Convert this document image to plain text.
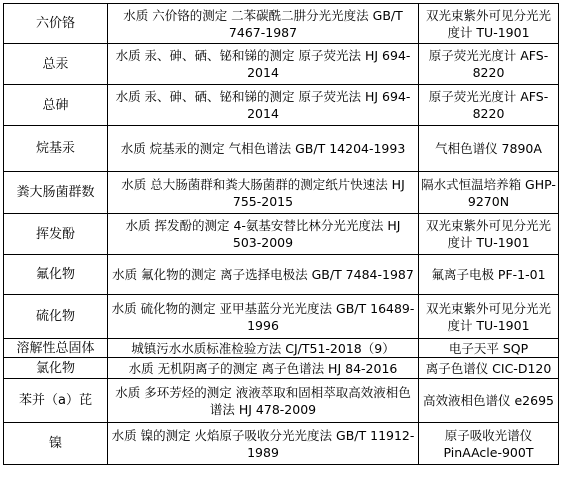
六价铬	水质 六价铬的测定 二苯碳酰二肼分光光度法 GB/T 7467-1987	双光束紫外可见分光光度计 TU-1901
总汞	水质 汞、砷、硒、铋和锑的测定 原子荧光法 HJ 694-2014	原子荧光光度计 AFS-8220
总砷	水质 汞、砷、硒、铋和锑的测定 原子荧光法 HJ 694-2014	原子荧光光度计 AFS-8220
烷基汞	水质 烷基汞的测定 气相色谱法 GB/T 14204-1993	气相色谱仪 7890A
粪大肠菌群数	水质 总大肠菌群和粪大肠菌群的测定纸片快速法 HJ 755-2015	隔水式恒温培养箱 GHP-9270N
挥发酚	水质 挥发酚的测定 4-氨基安替比林分光光度法 HJ 503-2009	双光束紫外可见分光光度计 TU-1901
氟化物	水质 氟化物的测定 离子选择电极法 GB/T 7484-1987	氟离子电极 PF-1-01
硫化物	水质 硫化物的测定 亚甲基蓝分光光度法 GB/T 16489-1996	双光束紫外可见分光光度计 TU-1901
溶解性总固体	城镇污水水质标准检验方法 CJ/T51-2018（9）	电子天平 SQP
氯化物	水质 无机阴离子的测定 离子色谱法 HJ 84-2016	离子色谱仪 CIC-D120
苯并（a）芘	水质 多环芳烃的测定 液液萃取和固相萃取高效液相色谱法 HJ 478-2009	高效液相色谱仪 e2695
镍	水质 镍的测定 火焰原子吸收分光光度法 GB/T 11912-1989	原子吸收光谱仪 PinAAcle-900T
